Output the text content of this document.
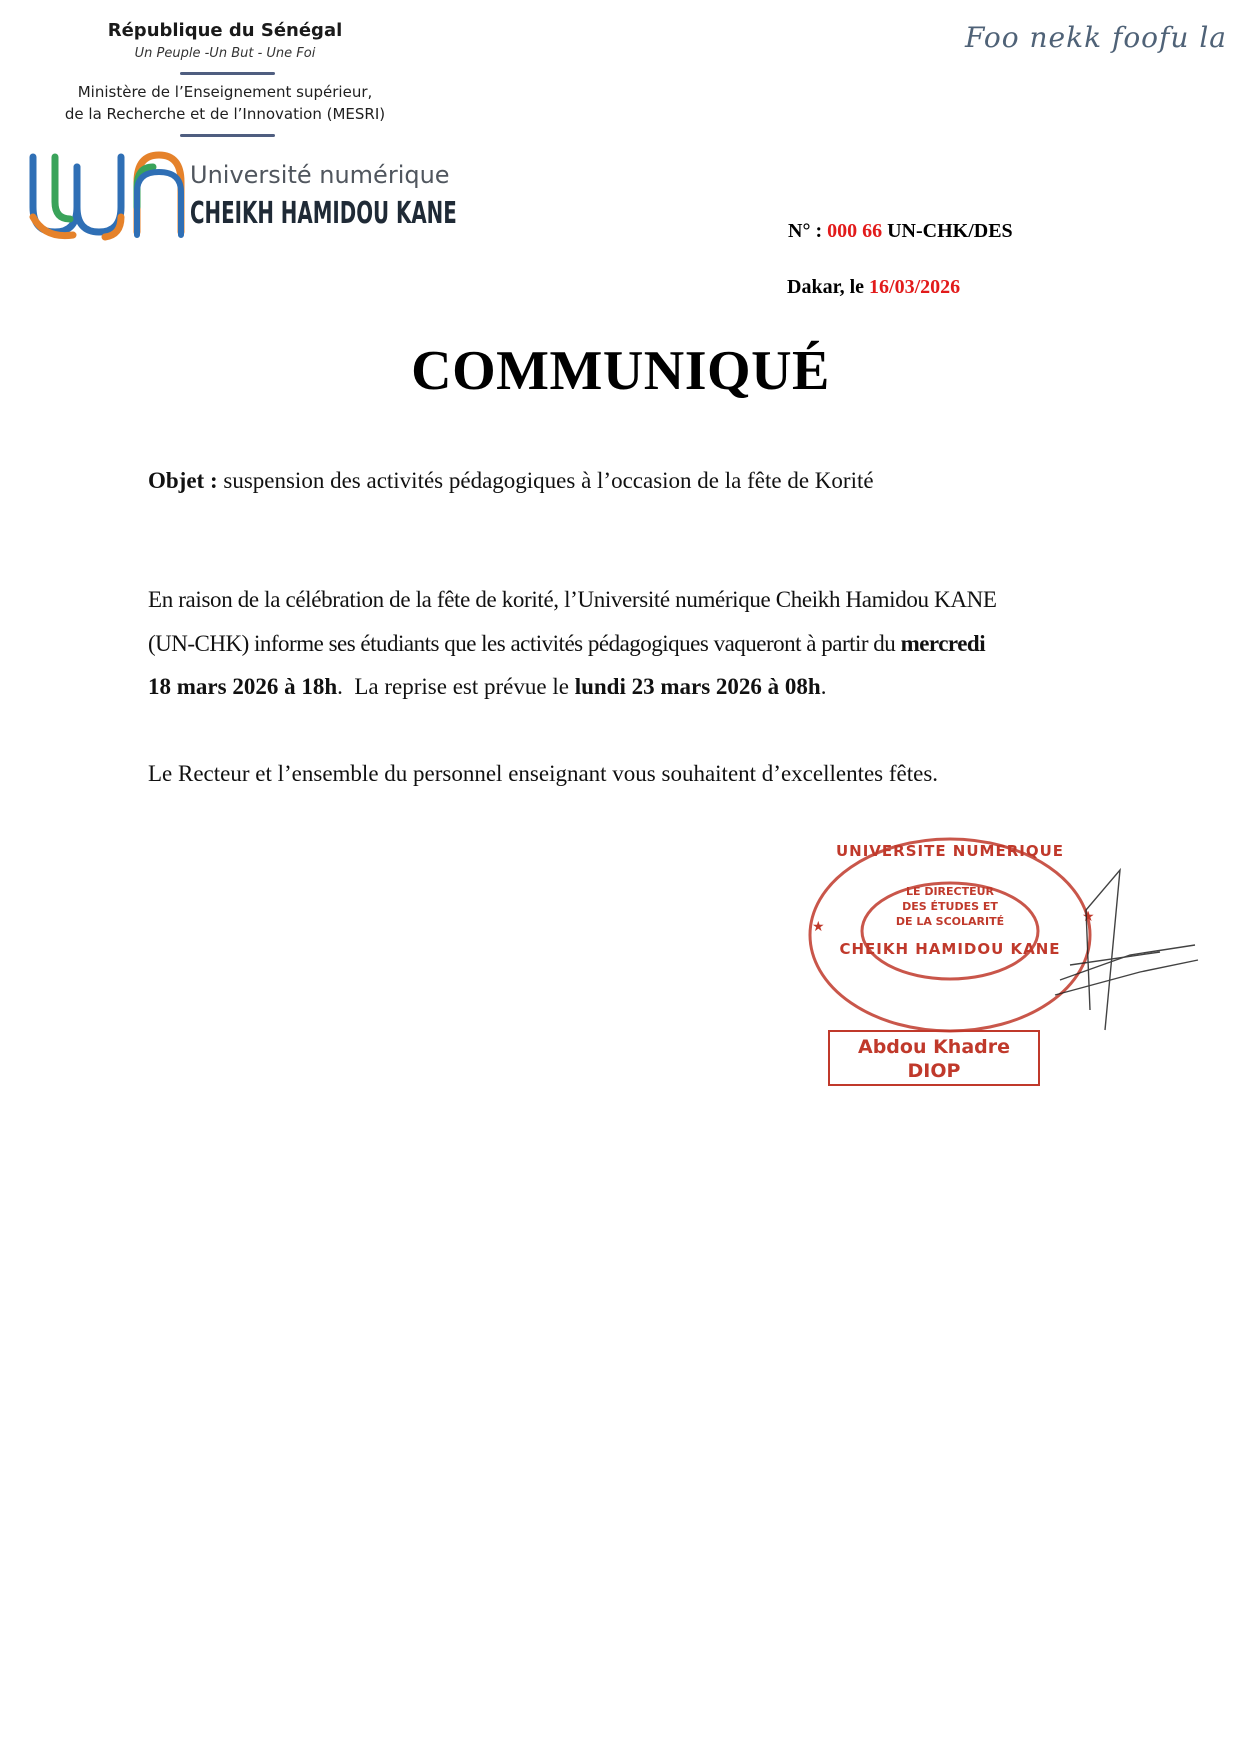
République du Sénégal
Un Peuple -Un But - Une Foi
Ministère de l’Enseignement supérieur,
de la Recherche et de l’Innovation (MESRI)
Université numérique
CHEIKH HAMIDOU KANE
Foo nekk foofu la
N° : 000 66 UN-CHK/DES
Dakar, le 16/03/2026
COMMUNIQUÉ
Objet : suspension des activités pédagogiques à l’occasion de la fête de Korité
En raison de la célébration de la fête de korité, l’Université numérique Cheikh Hamidou KANE
(UN-CHK) informe ses étudiants que les activités pédagogiques vaqueront à partir du mercredi
18 mars 2026 à 18h.  La reprise est prévue le lundi 23 mars 2026 à 08h.
Le Recteur et l’ensemble du personnel enseignant vous souhaitent d’excellentes fêtes.
UNIVERSITE NUMERIQUE
LE DIRECTEUR
DES ÉTUDES ET
DE LA SCOLARITÉ
CHEIKH HAMIDOU KANE
★
★
Abdou Khadre
DIOP
